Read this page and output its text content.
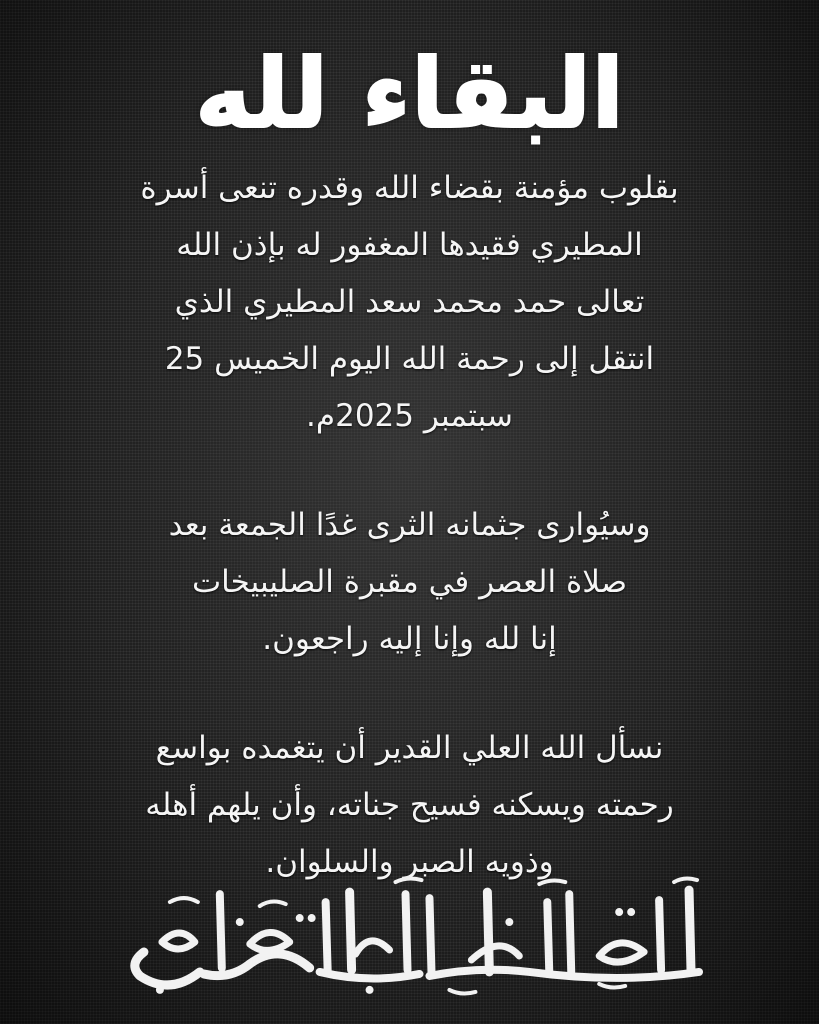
البقاء لله

بقلوب مؤمنة بقضاء الله وقدره تنعى أسرة
المطيري فقيدها المغفور له بإذن الله
تعالى حمد محمد سعد المطيري الذي
انتقل إلى رحمة الله اليوم الخميس 25
سبتمبر 2025م.

وسيُوارى جثمانه الثرى غدًا الجمعة بعد
صلاة العصر في مقبرة الصليبيخات
إنا لله وإنا إليه راجعون.

نسأل الله العلي القدير أن يتغمده بواسع
رحمته ويسكنه فسيح جناته، وأن يلهم أهله
وذويه الصبر والسلوان.
